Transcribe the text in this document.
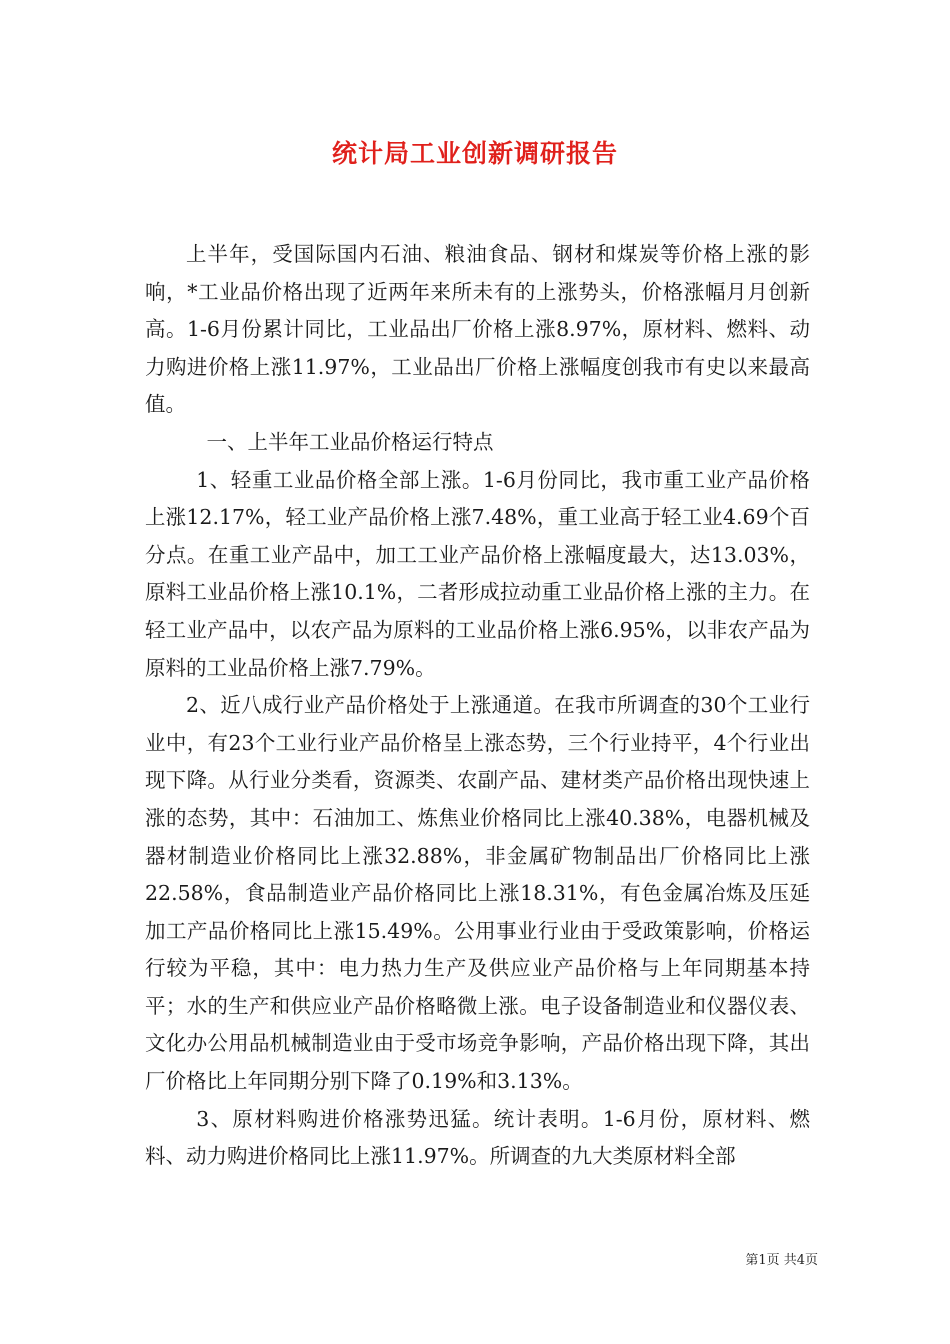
统计局工业创新调研报告

上半年，受国际国内石油、粮油食品、钢材和煤炭等价格上涨的影响，*工业品价格出现了近两年来所未有的上涨势头，价格涨幅月月创新高。1-6月份累计同比，工业品出厂价格上涨8.97%，原材料、燃料、动力购进价格上涨11.97%，工业品出厂价格上涨幅度创我市有史以来最高值。

一、上半年工业品价格运行特点

1、轻重工业品价格全部上涨。1-6月份同比，我市重工业产品价格上涨12.17%，轻工业产品价格上涨7.48%，重工业高于轻工业4.69个百分点。在重工业产品中，加工工业产品价格上涨幅度最大，达13.03%，原料工业品价格上涨10.1%，二者形成拉动重工业品价格上涨的主力。在轻工业产品中，以农产品为原料的工业品价格上涨6.95%，以非农产品为原料的工业品价格上涨7.79%。

2、近八成行业产品价格处于上涨通道。在我市所调查的30个工业行业中，有23个工业行业产品价格呈上涨态势，三个行业持平，4个行业出现下降。从行业分类看，资源类、农副产品、建材类产品价格出现快速上涨的态势，其中：石油加工、炼焦业价格同比上涨40.38%，电器机械及器材制造业价格同比上涨32.88%，非金属矿物制品出厂价格同比上涨22.58%，食品制造业产品价格同比上涨18.31%，有色金属冶炼及压延加工产品价格同比上涨15.49%。公用事业行业由于受政策影响，价格运行较为平稳，其中：电力热力生产及供应业产品价格与上年同期基本持平；水的生产和供应业产品价格略微上涨。电子设备制造业和仪器仪表、文化办公用品机械制造业由于受市场竞争影响，产品价格出现下降，其出厂价格比上年同期分别下降了0.19%和3.13%。

3、原材料购进价格涨势迅猛。统计表明。1-6月份，原材料、燃料、动力购进价格同比上涨11.97%。所调查的九大类原材料全部

第1页 共4页
